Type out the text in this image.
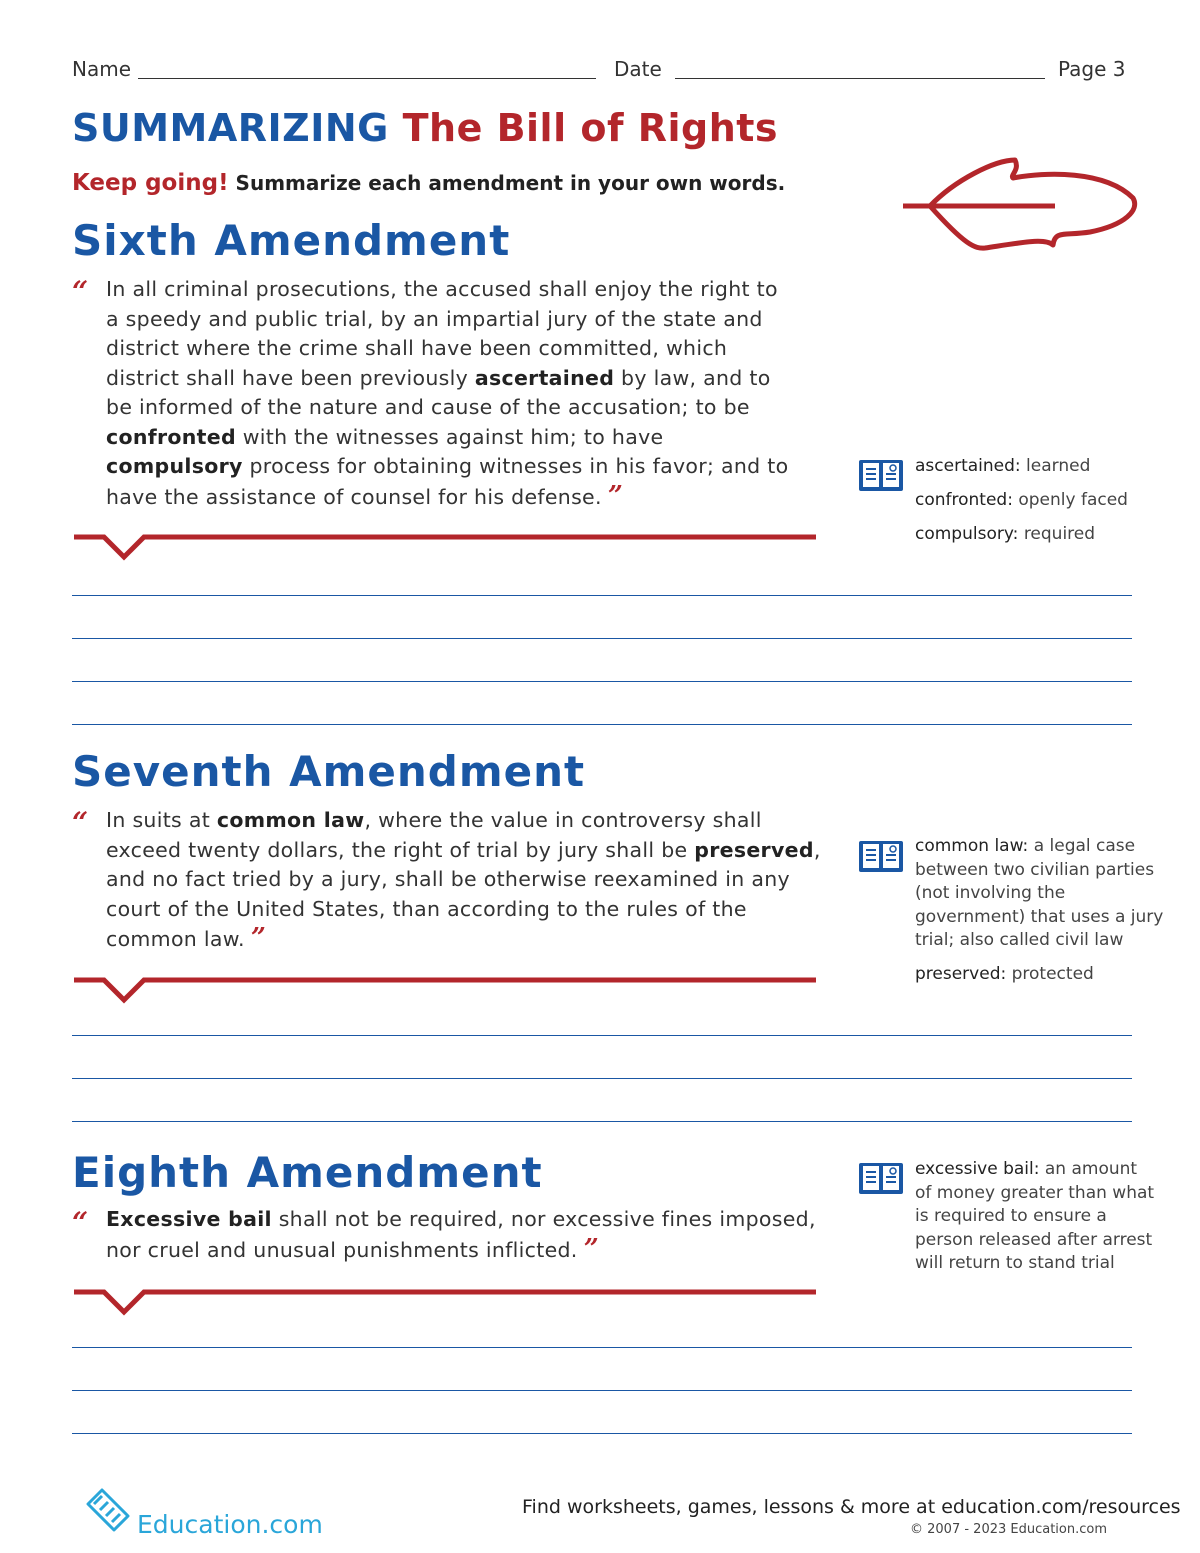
Name	Date	Page 3
SUMMARIZING The Bill of Rights
Keep going! Summarize each amendment in your own words.
Sixth Amendment
“ In all criminal prosecutions, the accused shall enjoy the right to a speedy and public trial, by an impartial jury of the state and district where the crime shall have been committed, which district shall have been previously ascertained by law, and to be informed of the nature and cause of the accusation; to be confronted with the witnesses against him; to have compulsory process for obtaining witnesses in his favor; and to have the assistance of counsel for his defense. ”

ascertained: learned

confronted: openly faced

compulsory: required

Seventh Amendment
“ In suits at common law, where the value in controversy shall exceed twenty dollars, the right of trial by jury shall be preserved, and no fact tried by a jury, shall be otherwise reexamined in any court of the United States, than according to the rules of the common law. ”

common law: a legal case between two civilian parties (not involving the government) that uses a jury trial; also called civil law

preserved: protected

Eighth Amendment
“ Excessive bail shall not be required, nor excessive fines imposed, nor cruel and unusual punishments inflicted. ”

excessive bail: an amount of money greater than what is required to ensure a person released after arrest will return to stand trial

Education.com
Find worksheets, games, lessons & more at education.com/resources
© 2007 - 2023 Education.com
